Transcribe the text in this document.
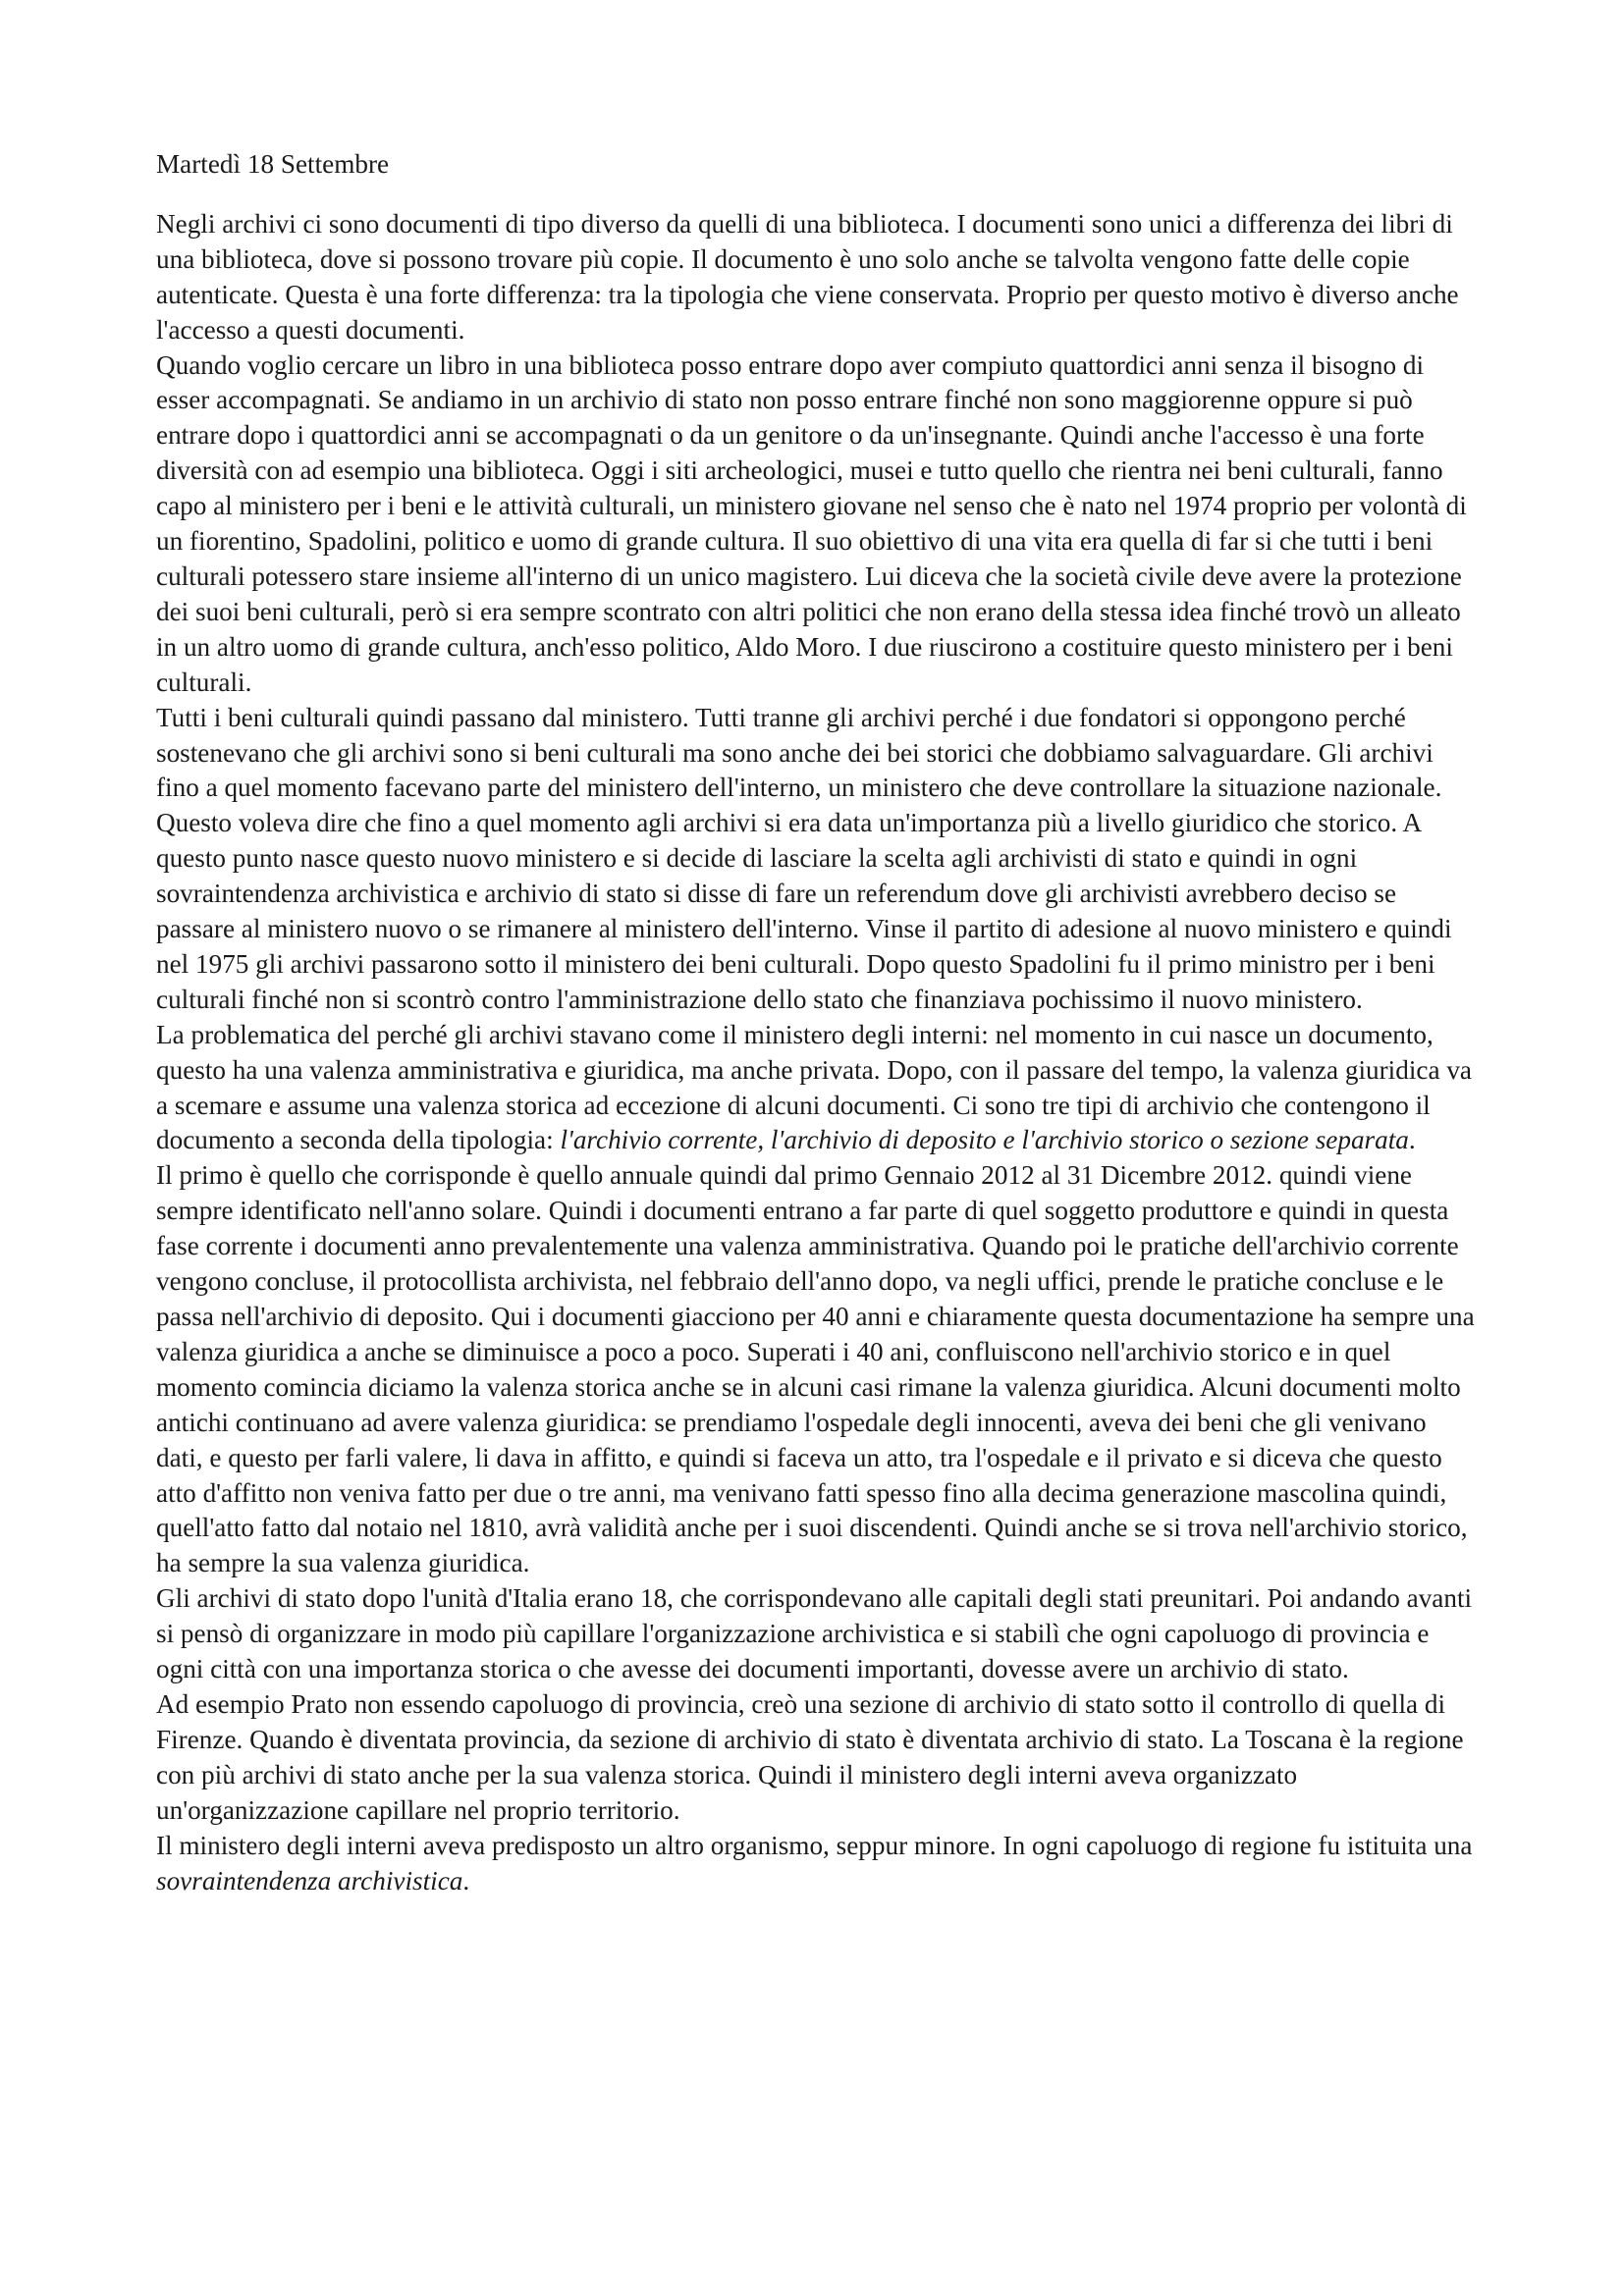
Martedì 18 Settembre

Negli archivi ci sono documenti di tipo diverso da quelli di una biblioteca. I documenti sono unici a differenza dei libri di una biblioteca, dove si possono trovare più copie. Il documento è uno solo anche se talvolta vengono fatte delle copie autenticate. Questa è una forte differenza: tra la tipologia che viene conservata. Proprio per questo motivo è diverso anche l'accesso a questi documenti.

Quando voglio cercare un libro in una biblioteca posso entrare dopo aver compiuto quattordici anni senza il bisogno di esser accompagnati. Se andiamo in un archivio di stato non posso entrare finché non sono maggiorenne oppure si può entrare dopo i quattordici anni se accompagnati o da un genitore o da un'insegnante. Quindi anche l'accesso è una forte diversità con ad esempio una biblioteca. Oggi i siti archeologici, musei e tutto quello che rientra nei beni culturali, fanno capo al ministero per i beni e le attività culturali, un ministero giovane nel senso che è nato nel 1974 proprio per volontà di un fiorentino, Spadolini, politico e uomo di grande cultura. Il suo obiettivo di una vita era quella di far si che tutti i beni culturali potessero stare insieme all'interno di un unico magistero. Lui diceva che la società civile deve avere la protezione dei suoi beni culturali, però si era sempre scontrato con altri politici che non erano della stessa idea finché trovò un alleato in un altro uomo di grande cultura, anch'esso politico, Aldo Moro. I due riuscirono a costituire questo ministero per i beni culturali.

Tutti i beni culturali quindi passano dal ministero. Tutti tranne gli archivi perché i due fondatori si oppongono perché sostenevano che gli archivi sono si beni culturali ma sono anche dei bei storici che dobbiamo salvaguardare. Gli archivi fino a quel momento facevano parte del ministero dell'interno, un ministero che deve controllare la situazione nazionale. Questo voleva dire che fino a quel momento agli archivi si era data un'importanza più a livello giuridico che storico. A questo punto nasce questo nuovo ministero e si decide di lasciare la scelta agli archivisti di stato e quindi in ogni sovraintendenza archivistica e archivio di stato si disse di fare un referendum dove gli archivisti avrebbero deciso se passare al ministero nuovo o se rimanere al ministero dell'interno. Vinse il partito di adesione al nuovo ministero e quindi nel 1975 gli archivi passarono sotto il ministero dei beni culturali. Dopo questo Spadolini fu il primo ministro per i beni culturali finché non si scontrò contro l'amministrazione dello stato che finanziava pochissimo il nuovo ministero.

La problematica del perché gli archivi stavano come il ministero degli interni: nel momento in cui nasce un documento, questo ha una valenza amministrativa e giuridica, ma anche privata. Dopo, con il passare del tempo, la valenza giuridica va a scemare e assume una valenza storica ad eccezione di alcuni documenti. Ci sono tre tipi di archivio che contengono il documento a seconda della tipologia: l'archivio corrente, l'archivio di deposito e l'archivio storico o sezione separata.

Il primo è quello che corrisponde è quello annuale quindi dal primo Gennaio 2012 al 31 Dicembre 2012. quindi viene sempre identificato nell'anno solare. Quindi i documenti entrano a far parte di quel soggetto produttore e quindi in questa fase corrente i documenti anno prevalentemente una valenza amministrativa. Quando poi le pratiche dell'archivio corrente vengono concluse, il protocollista archivista, nel febbraio dell'anno dopo, va negli uffici, prende le pratiche concluse e le passa nell'archivio di deposito. Qui i documenti giacciono per 40 anni e chiaramente questa documentazione ha sempre una valenza giuridica a anche se diminuisce a poco a poco. Superati i 40 ani, confluiscono nell'archivio storico e in quel momento comincia diciamo la valenza storica anche se in alcuni casi rimane la valenza giuridica. Alcuni documenti molto antichi continuano ad avere valenza giuridica: se prendiamo l'ospedale degli innocenti, aveva dei beni che gli venivano dati, e questo per farli valere, li dava in affitto, e quindi si faceva un atto, tra l'ospedale e il privato e si diceva che questo atto d'affitto non veniva fatto per due o tre anni, ma venivano fatti spesso fino alla decima generazione mascolina quindi, quell'atto fatto dal notaio nel 1810, avrà validità anche per i suoi discendenti. Quindi anche se si trova nell'archivio storico, ha sempre la sua valenza giuridica.

Gli archivi di stato dopo l'unità d'Italia erano 18, che corrispondevano alle capitali degli stati preunitari. Poi andando avanti si pensò di organizzare in modo più capillare l'organizzazione archivistica e si stabilì che ogni capoluogo di provincia e ogni città con una importanza storica o che avesse dei documenti importanti, dovesse avere un archivio di stato.

Ad esempio Prato non essendo capoluogo di provincia, creò una sezione di archivio di stato sotto il controllo di quella di Firenze. Quando è diventata provincia, da sezione di archivio di stato è diventata archivio di stato. La Toscana è la regione con più archivi di stato anche per la sua valenza storica. Quindi il ministero degli interni aveva organizzato un'organizzazione capillare nel proprio territorio.

Il ministero degli interni aveva predisposto un altro organismo, seppur minore. In ogni capoluogo di regione fu istituita una sovraintendenza archivistica.
